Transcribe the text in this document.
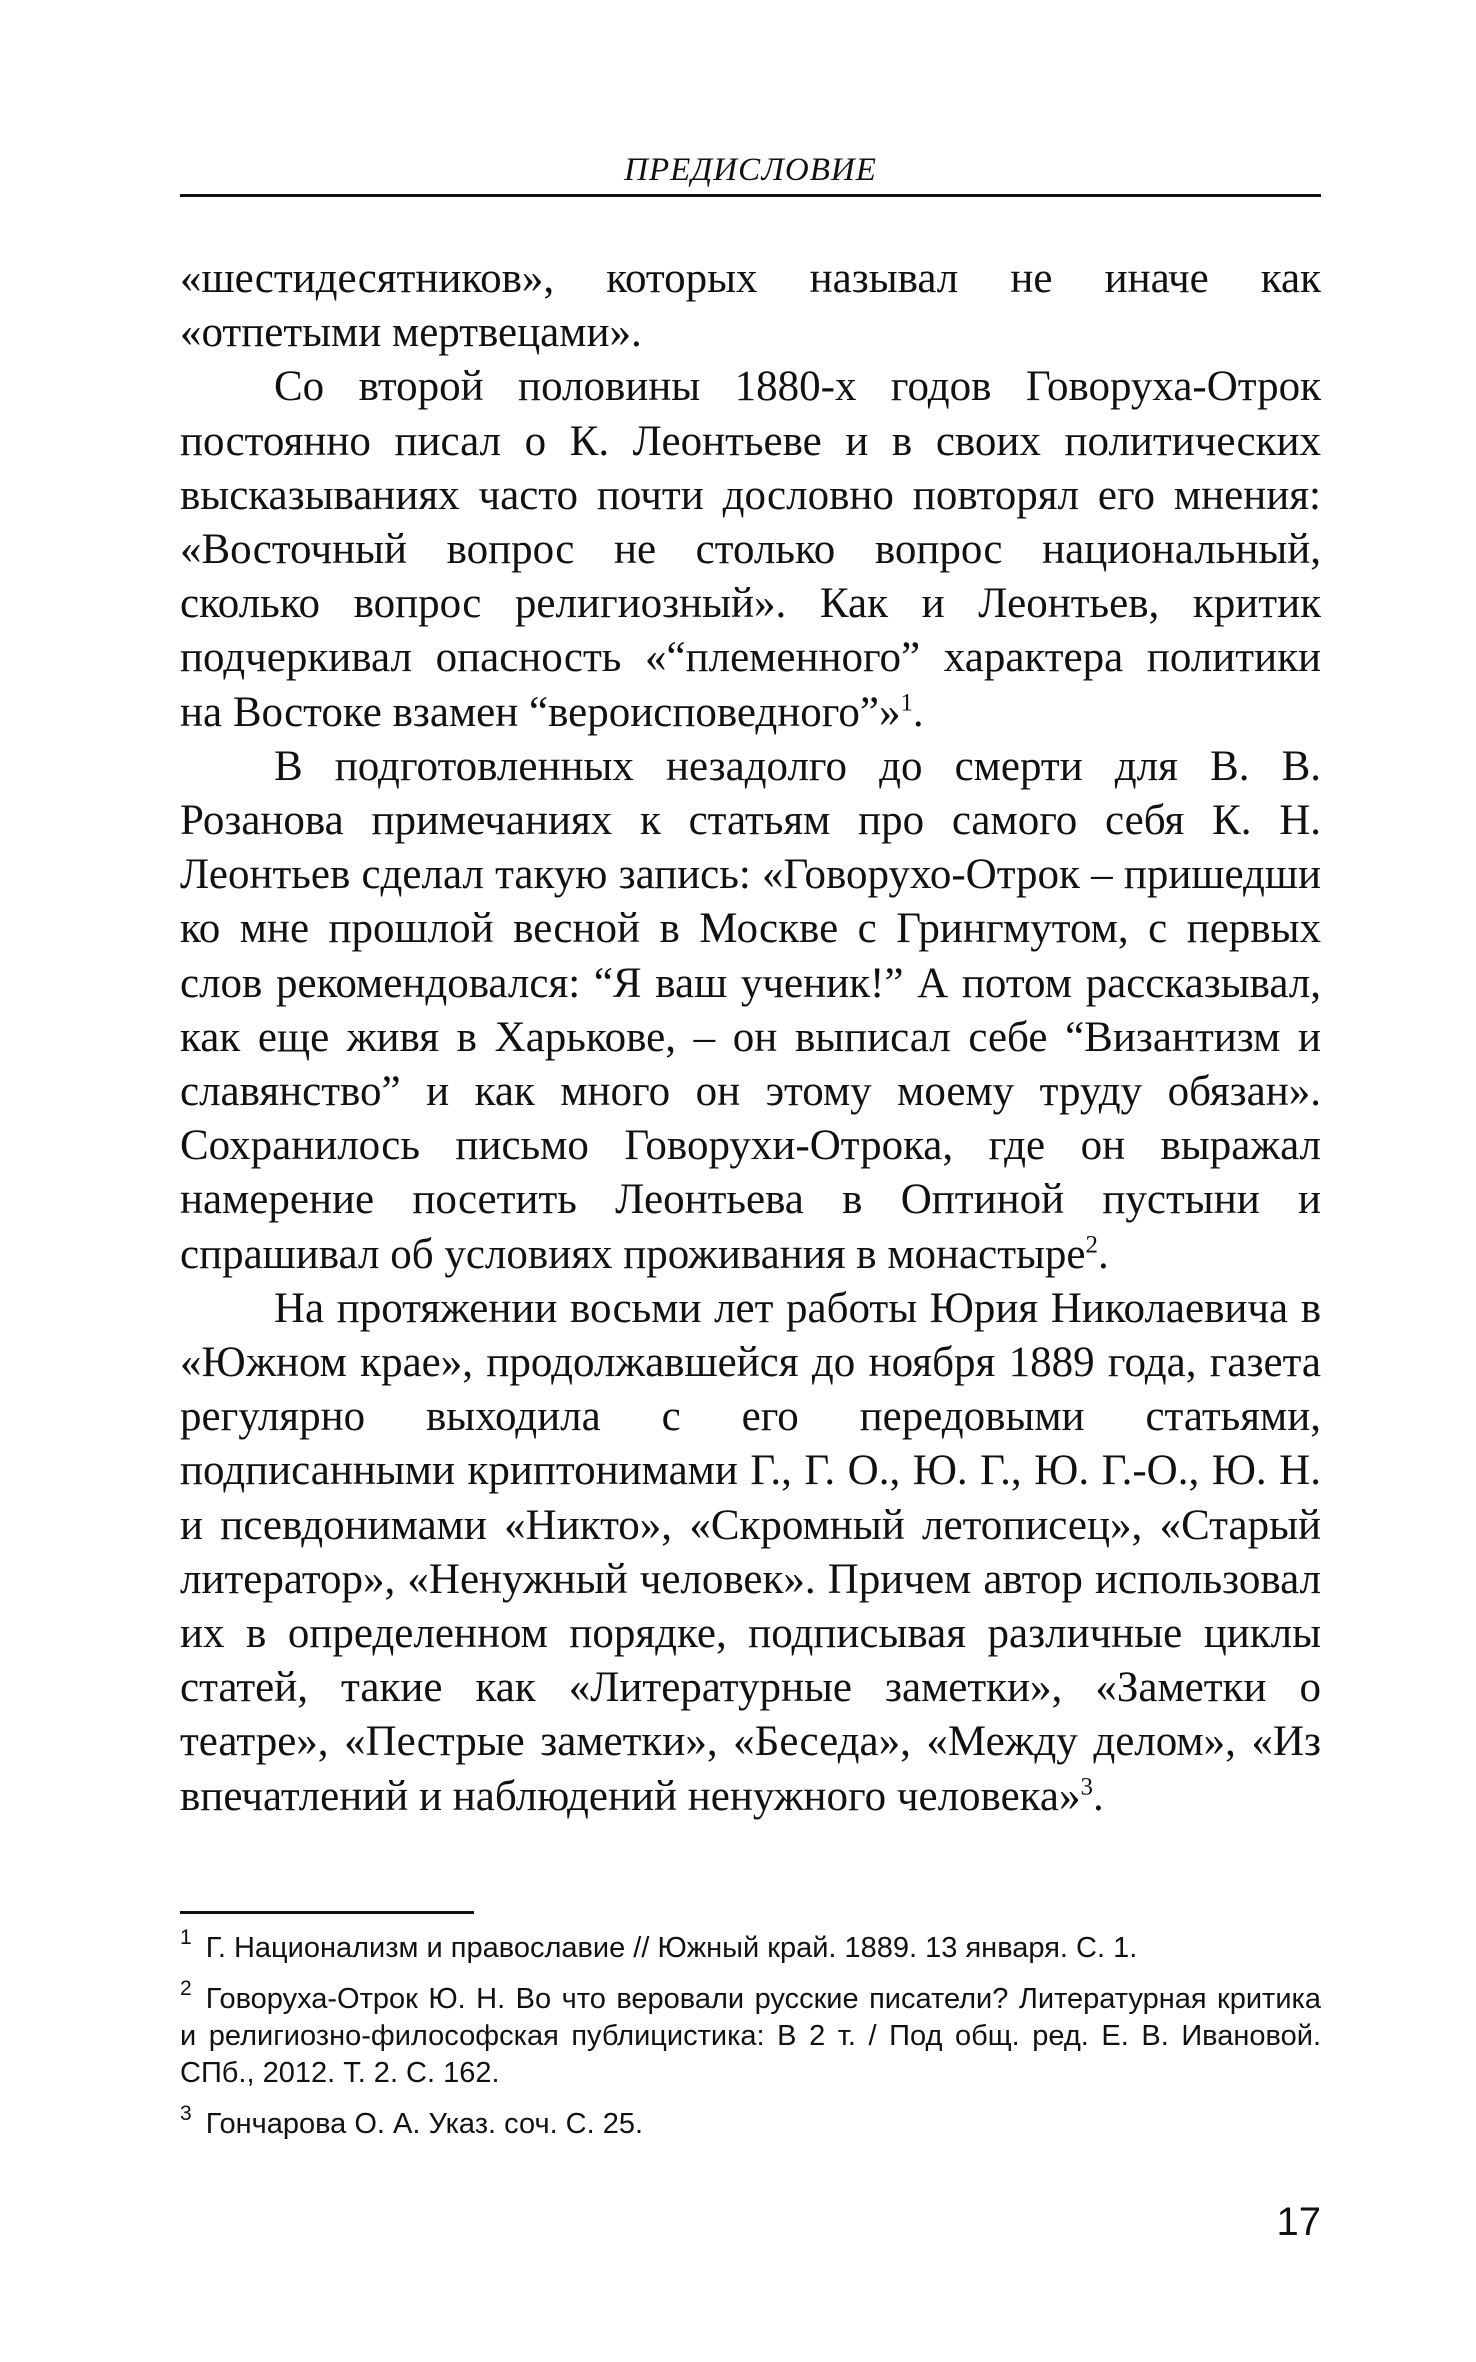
ПРЕДИСЛОВИЕ

«шестидесятников», которых называл не иначе как «отпетыми мертвецами».

Со второй половины 1880-х годов Говоруха-Отрок постоянно писал о К. Леонтьеве и в своих политических высказываниях часто почти дословно повторял его мнения: «Восточный вопрос не столько вопрос национальный, сколько вопрос религиозный». Как и Леонтьев, критик подчеркивал опасность «“племенного” характера политики на Востоке взамен “вероисповедного”»$^1$.

В подготовленных незадолго до смерти для В. В. Розанова примечаниях к статьям про самого себя К. Н. Леонтьев сделал такую запись: «Говорухо-Отрок – пришедши ко мне прошлой весной в Москве с Грингмутом, с первых слов рекомендовался: “Я ваш ученик!” А потом рассказывал, как еще живя в Харькове, – он выписал себе “Византизм и славянство” и как много он этому моему труду обязан». Сохранилось письмо Говорухи-Отрока, где он выражал намерение посетить Леонтьева в Оптиной пустыни и спрашивал об условиях проживания в монастыре$^2$.

На протяжении восьми лет работы Юрия Николаевича в «Южном крае», продолжавшейся до ноября 1889 года, газета регулярно выходила с его передовыми статьями, подписанными криптонимами Г., Г. О., Ю. Г., Ю. Г.-О., Ю. Н. и псевдонимами «Никто», «Скромный летописец», «Старый литератор», «Ненужный человек». Причем автор использовал их в определенном порядке, подписывая различные циклы статей, такие как «Литературные заметки», «Заметки о театре», «Пестрые заметки», «Беседа», «Между делом», «Из впечатлений и наблюдений ненужного человека»$^3$.

$^1$ Г. Национализм и православие // Южный край. 1889. 13 января. С. 1.

$^2$ Говоруха-Отрок Ю. Н. Во что веровали русские писатели? Литературная критика и религиозно-философская публицистика: В 2 т. / Под общ. ред. Е. В. Ивановой. СПб., 2012. Т. 2. С. 162.

$^3$ Гончарова О. А. Указ. соч. С. 25.

17
